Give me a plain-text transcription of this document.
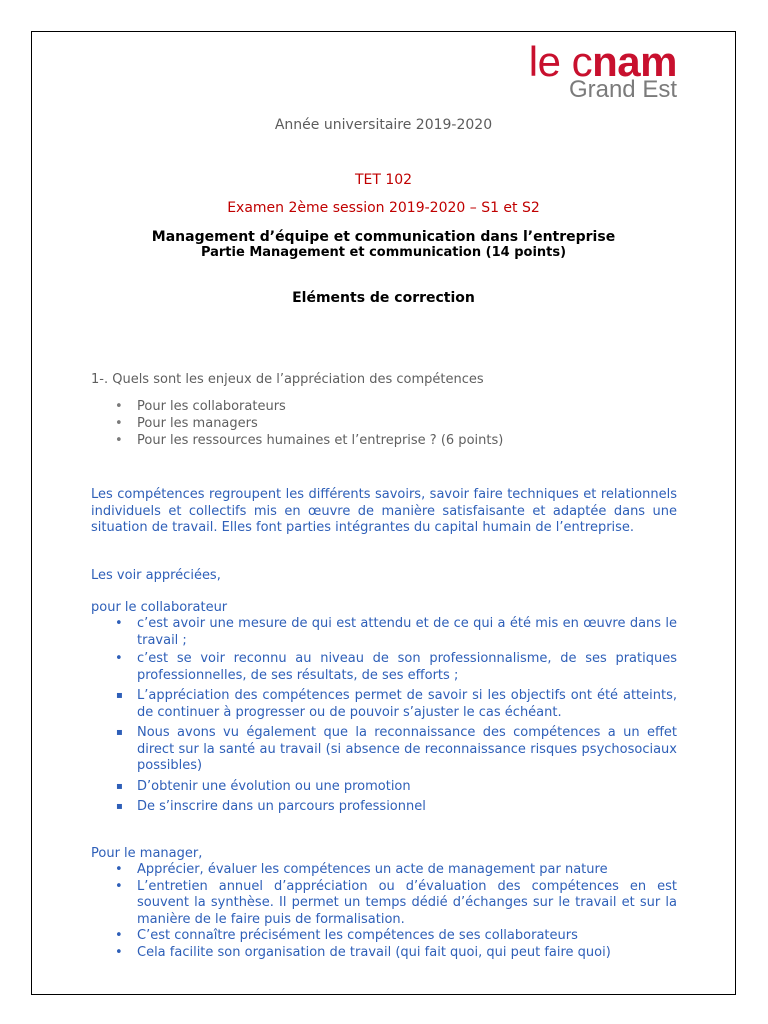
le cnam
Grand Est
Année universitaire 2019-2020
TET 102
Examen 2ème session 2019-2020 – S1 et S2
Management d’équipe et communication dans l’entreprise
Partie Management et communication (14 points)
Eléments de correction
1-. Quels sont les enjeux de l’appréciation des compétences
• Pour les collaborateurs
• Pour les managers
• Pour les ressources humaines et l’entreprise ? (6 points)
Les compétences regroupent les différents savoirs, savoir faire techniques et relationnels individuels et collectifs mis en œuvre de manière satisfaisante et adaptée dans une situation de travail. Elles font parties intégrantes du capital humain de l’entreprise.
Les voir appréciées,
pour le collaborateur
• c’est avoir une mesure de qui est attendu et de ce qui a été mis en œuvre dans le travail ;
• c’est se voir reconnu au niveau de son professionnalisme, de ses pratiques professionnelles, de ses résultats, de ses efforts ;
▪ L’appréciation des compétences permet de savoir si les objectifs ont été atteints, de continuer à progresser ou de pouvoir s’ajuster le cas échéant.
▪ Nous avons vu également que la reconnaissance des compétences a un effet direct sur la santé au travail (si absence de reconnaissance risques psychosociaux possibles)
▪ D’obtenir une évolution ou une promotion
▪ De s’inscrire dans un parcours professionnel
Pour le manager,
• Apprécier, évaluer les compétences un acte de management par nature
• L’entretien annuel d’appréciation ou d’évaluation des compétences en est souvent la synthèse. Il permet un temps dédié d’échanges sur le travail et sur la manière de le faire puis de formalisation.
• C’est connaître précisément les compétences de ses collaborateurs
• Cela facilite son organisation de travail (qui fait quoi, qui peut faire quoi)
